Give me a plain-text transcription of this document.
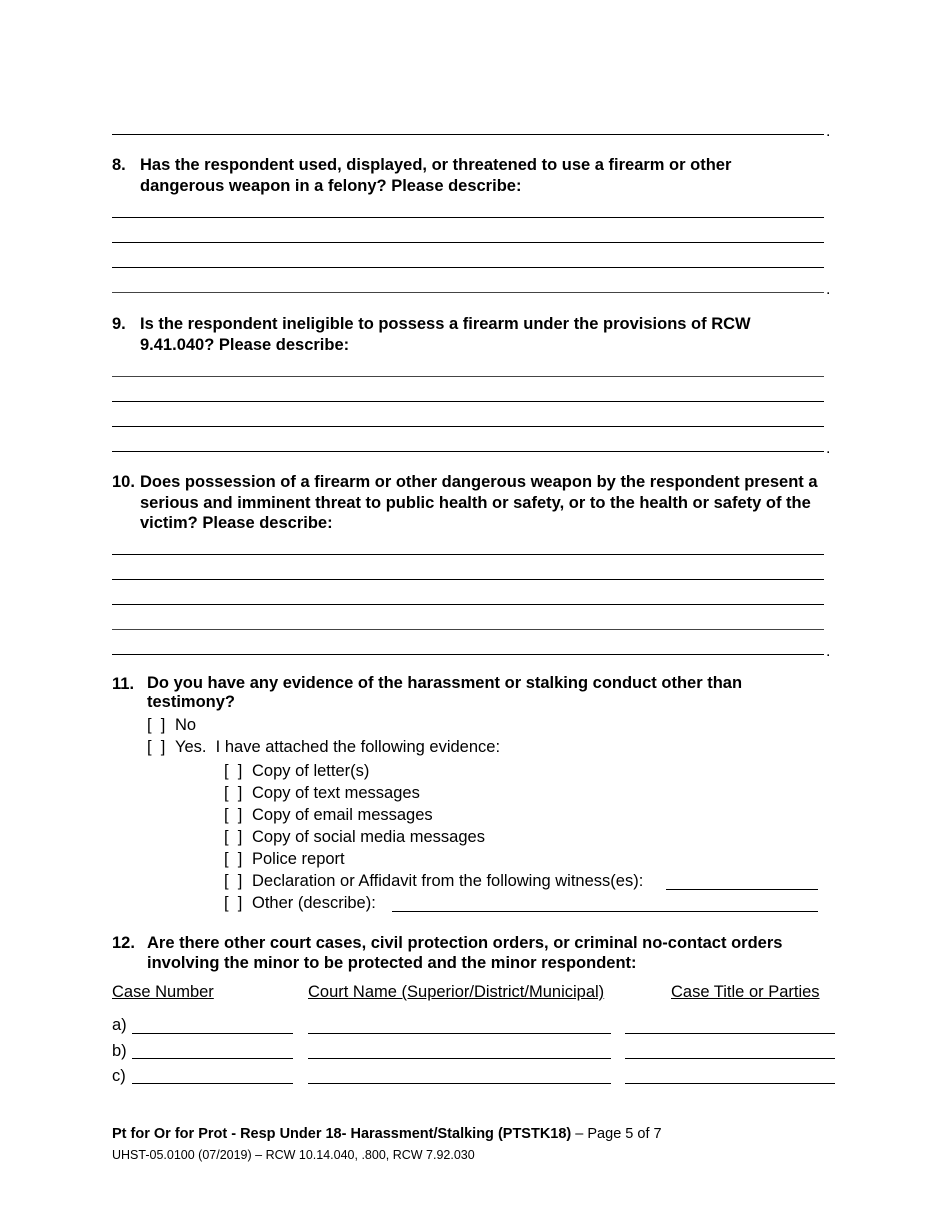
.
8. Has the respondent used, displayed, or threatened to use a firearm or other dangerous weapon in a felony? Please describe:
.
9. Is the respondent ineligible to possess a firearm under the provisions of RCW 9.41.040? Please describe:
.
10. Does possession of a firearm or other dangerous weapon by the respondent present a serious and imminent threat to public health or safety, or to the health or safety of the victim? Please describe:
.
11. Do you have any evidence of the harassment or stalking conduct other than testimony?
[  ] No
[  ] Yes.  I have attached the following evidence:
[  ] Copy of letter(s)
[  ] Copy of text messages
[  ] Copy of email messages
[  ] Copy of social media messages
[  ] Police report
[  ] Declaration or Affidavit from the following witness(es):
[  ] Other (describe):
12. Are there other court cases, civil protection orders, or criminal no-contact orders involving the minor to be protected and the minor respondent:
Case Number	Court Name (Superior/District/Municipal)	Case Title or Parties
a)
b)
c)
Pt for Or for Prot - Resp Under 18- Harassment/Stalking (PTSTK18) – Page 5 of 7
UHST-05.0100 (07/2019) – RCW 10.14.040, .800, RCW 7.92.030
